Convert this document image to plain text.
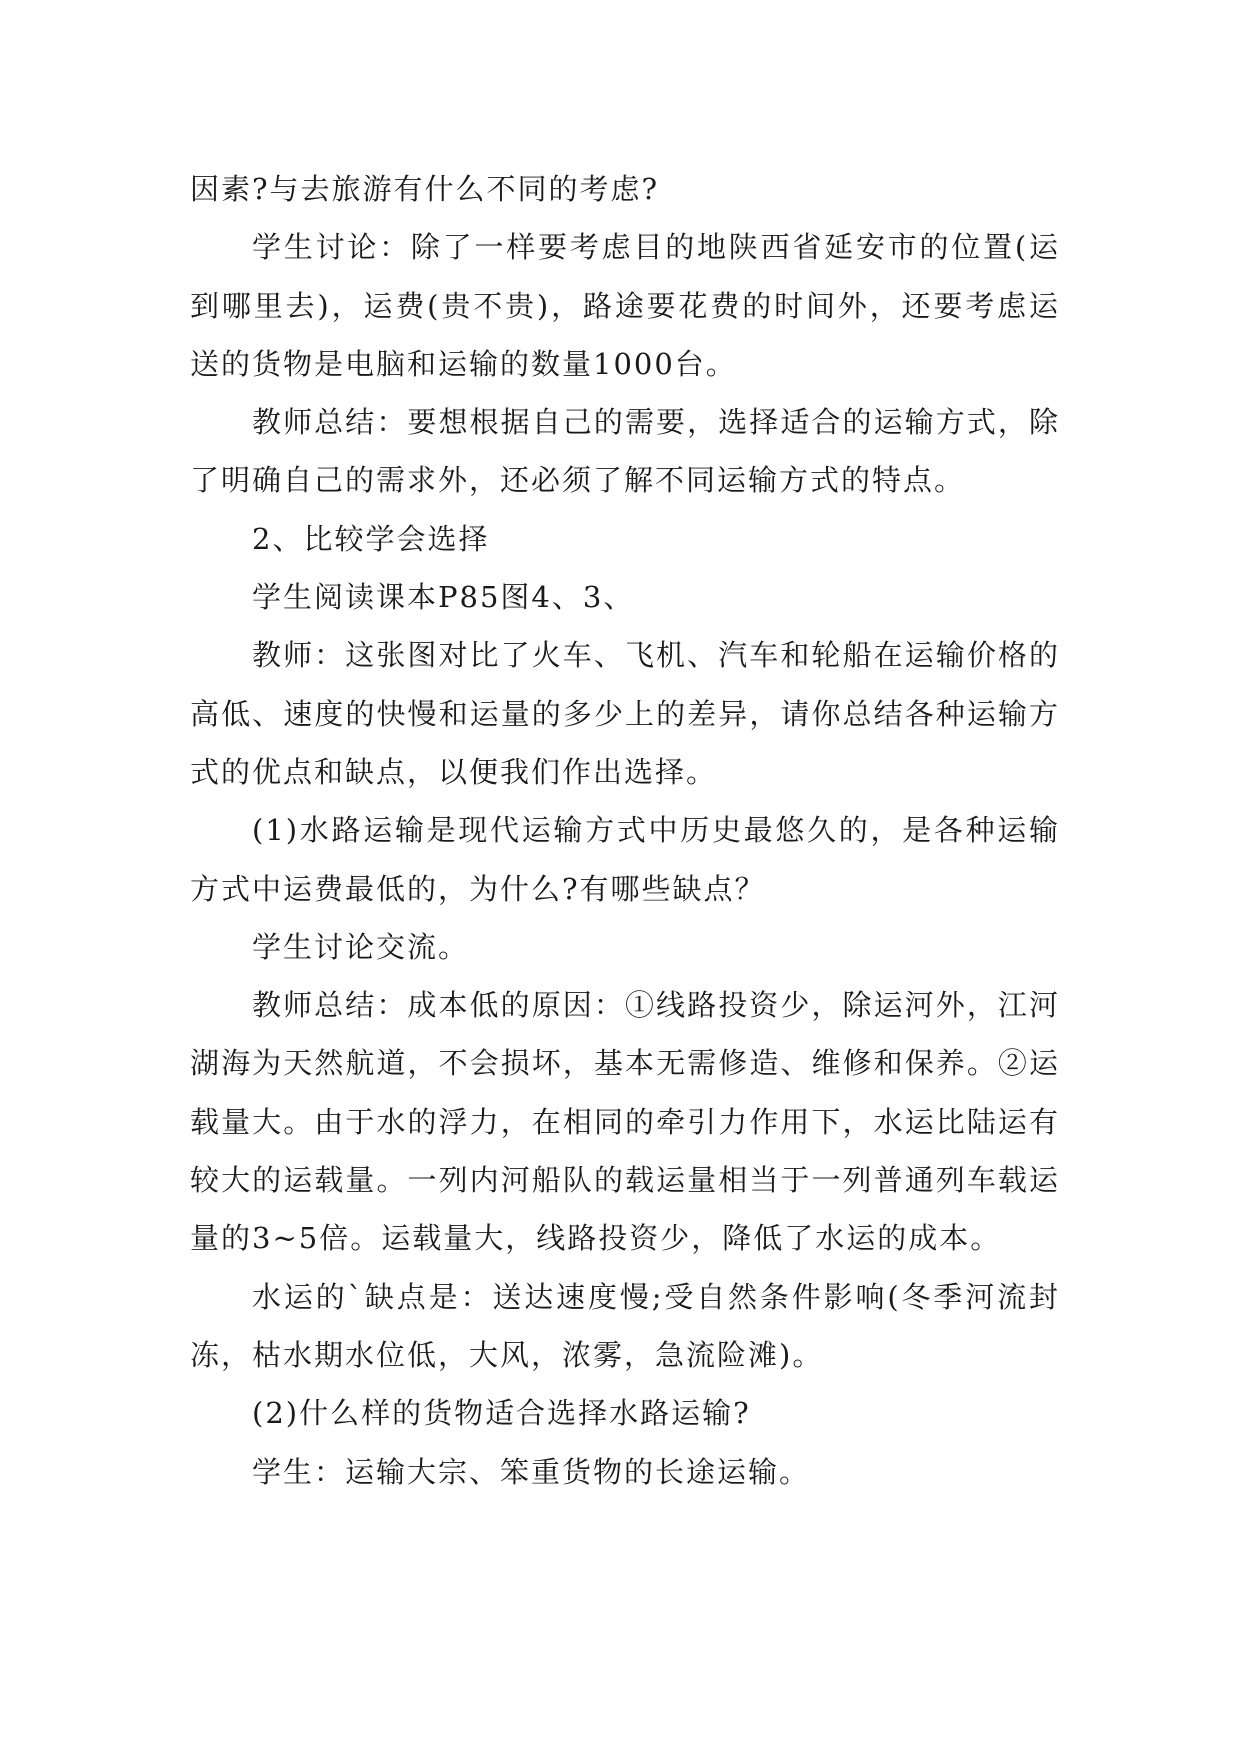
因素?与去旅游有什么不同的考虑?

学生讨论：除了一样要考虑目的地陕西省延安市的位置(运到哪里去)，运费(贵不贵)，路途要花费的时间外，还要考虑运送的货物是电脑和运输的数量1000台。

教师总结：要想根据自己的需要，选择适合的运输方式，除了明确自己的需求外，还必须了解不同运输方式的特点。

2、比较学会选择

学生阅读课本P85图4、3、

教师：这张图对比了火车、飞机、汽车和轮船在运输价格的高低、速度的快慢和运量的多少上的差异，请你总结各种运输方式的优点和缺点，以便我们作出选择。

(1)水路运输是现代运输方式中历史最悠久的，是各种运输方式中运费最低的，为什么?有哪些缺点？

学生讨论交流。

教师总结：成本低的原因：①线路投资少，除运河外，江河湖海为天然航道，不会损坏，基本无需修造、维修和保养。②运载量大。由于水的浮力，在相同的牵引力作用下，水运比陆运有较大的运载量。一列内河船队的载运量相当于一列普通列车载运量的3~5倍。运载量大，线路投资少，降低了水运的成本。

水运的`缺点是：送达速度慢;受自然条件影响(冬季河流封冻，枯水期水位低，大风，浓雾，急流险滩)。

(2)什么样的货物适合选择水路运输?

学生：运输大宗、笨重货物的长途运输。
